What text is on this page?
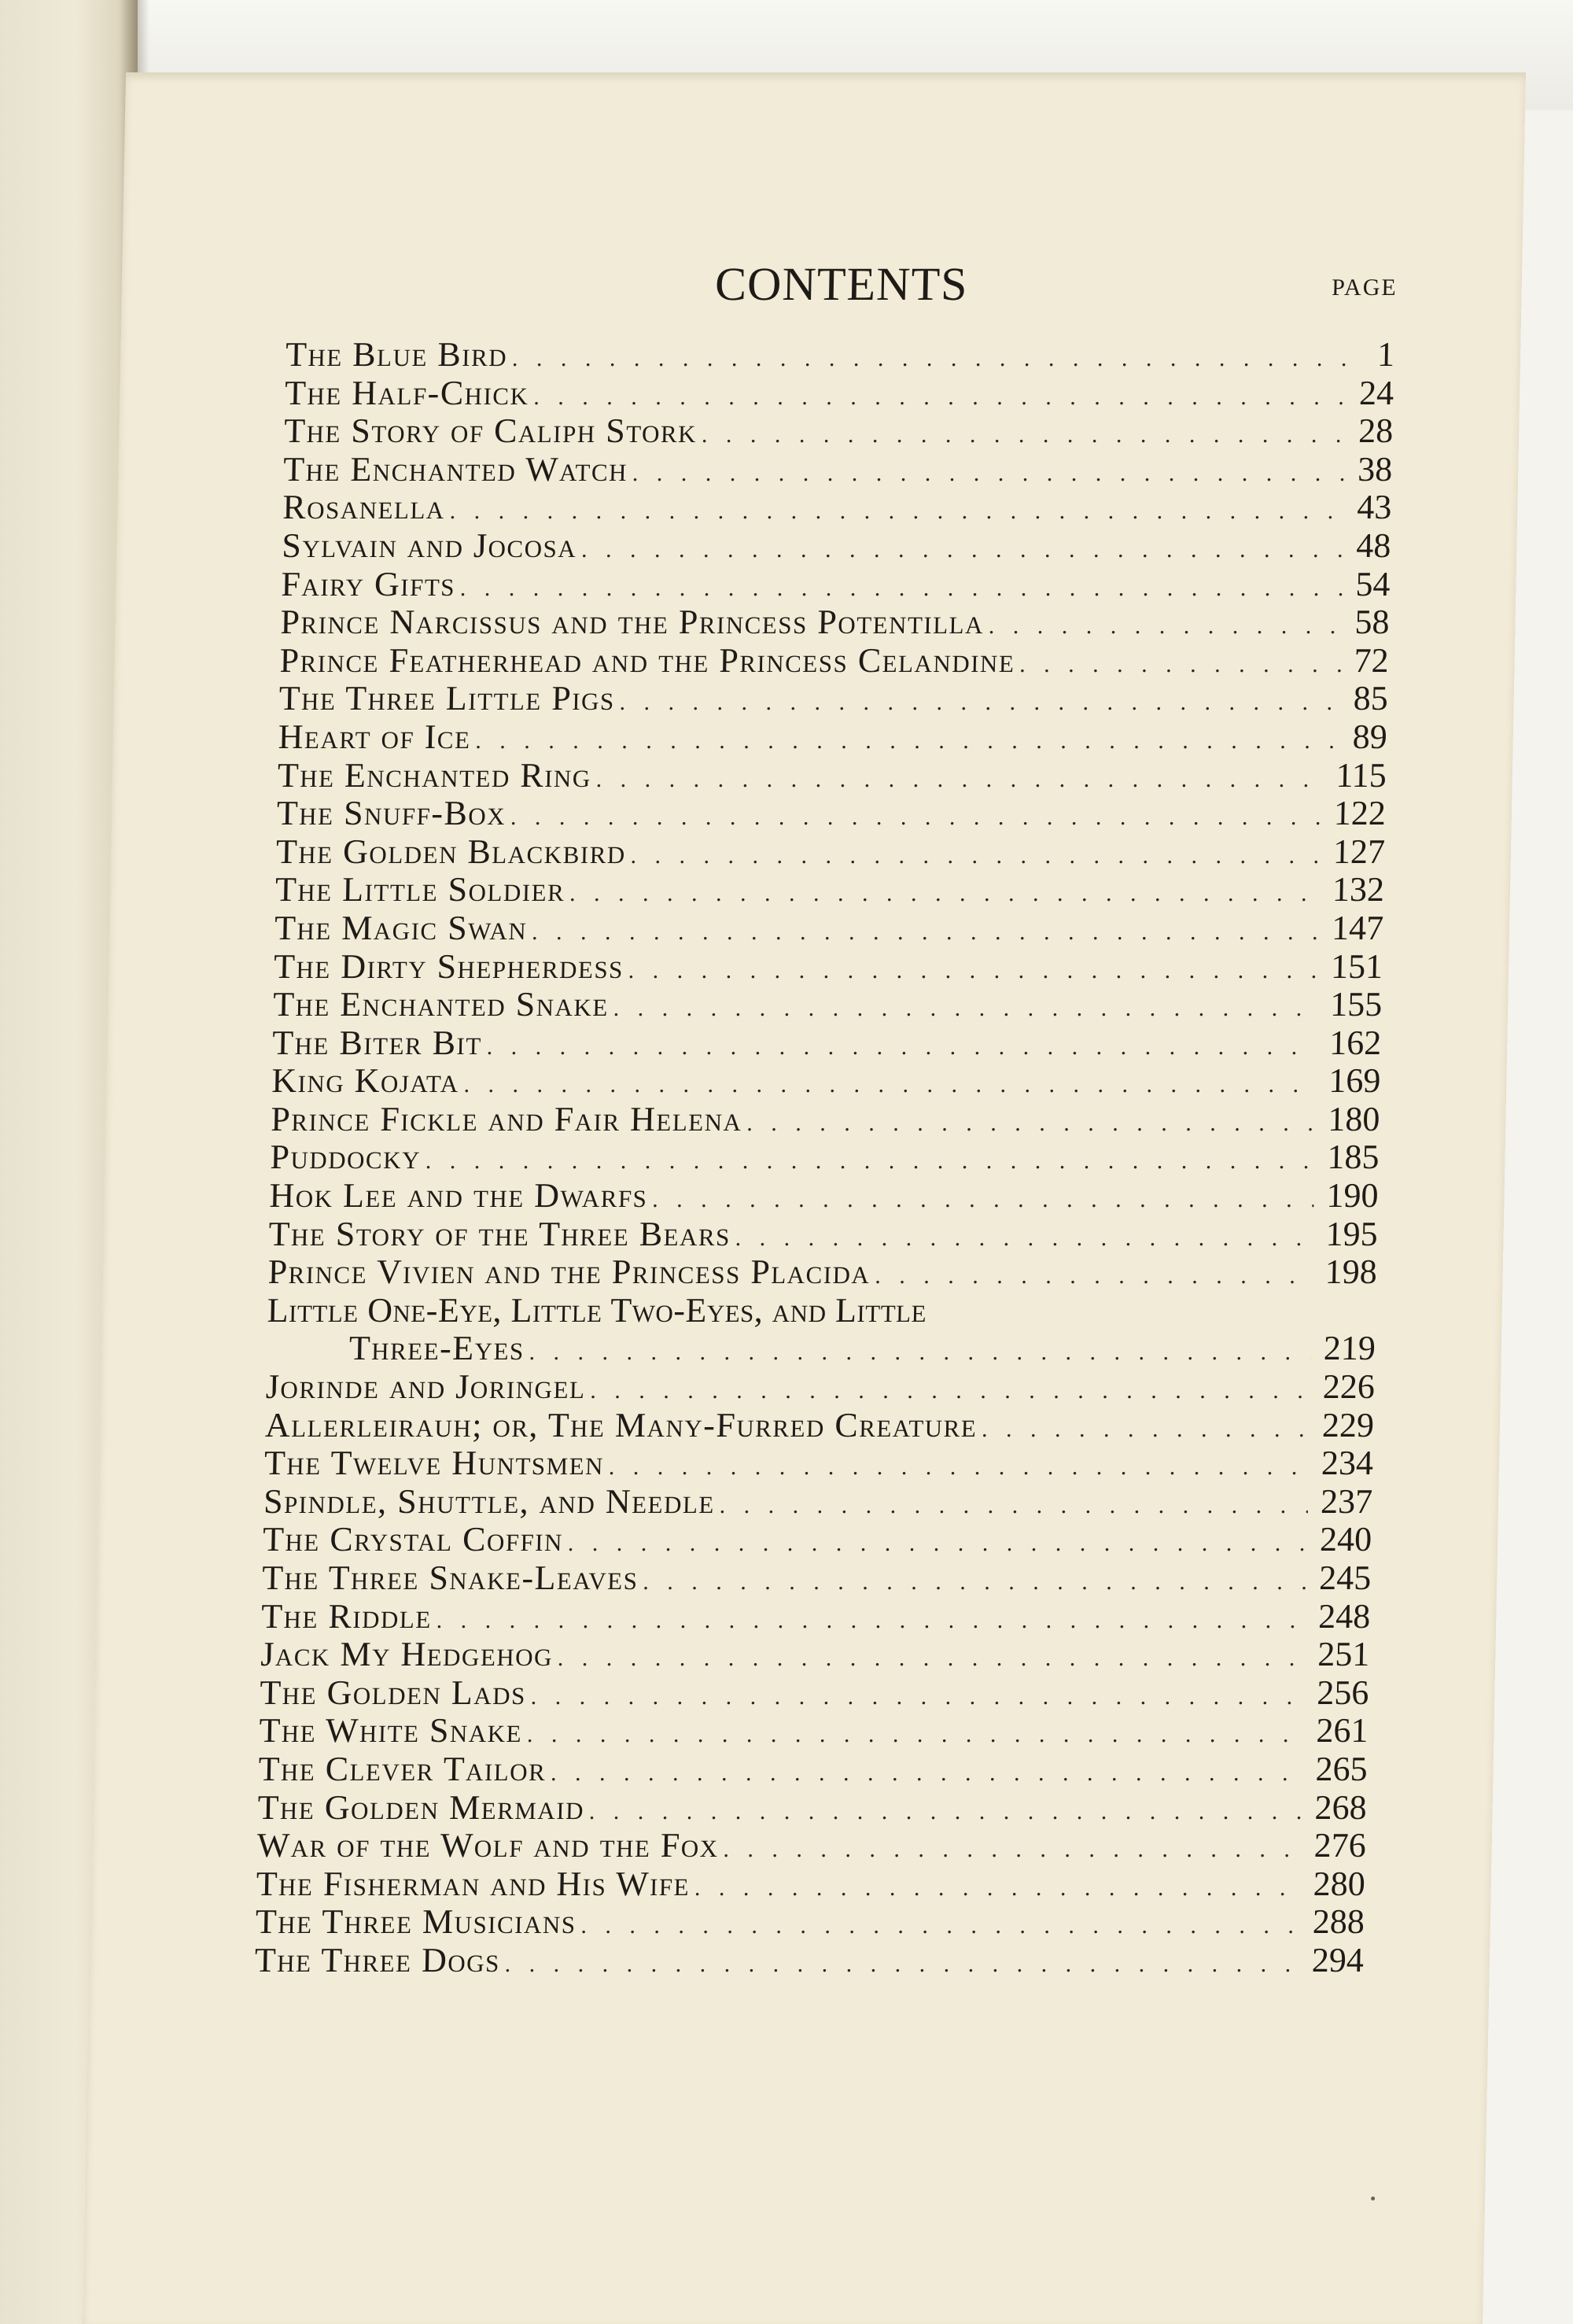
CONTENTS	PAGE
The Blue Bird . . .	1
The Half-Chick . . .	24
The Story of Caliph Stork . . .	28
The Enchanted Watch . . .	38
Rosanella . . .	43
Sylvain and Jocosa . . .	48
Fairy Gifts . . .	54
Prince Narcissus and the Princess Potentilla . . .	58
Prince Featherhead and the Princess Celandine . . .	72
The Three Little Pigs . . .	85
Heart of Ice . . .	89
The Enchanted Ring . . .	115
The Snuff-Box . . .	122
The Golden Blackbird . . .	127
The Little Soldier . . .	132
The Magic Swan . . .	147
The Dirty Shepherdess . . .	151
The Enchanted Snake . . .	155
The Biter Bit . . .	162
King Kojata . . .	169
Prince Fickle and Fair Helena . . .	180
Puddocky . . .	185
Hok Lee and the Dwarfs . . .	190
The Story of the Three Bears . . .	195
Prince Vivien and the Princess Placida . . .	198
Little One-Eye, Little Two-Eyes, and Little
Three-Eyes . . .	219
Jorinde and Joringel . . .	226
Allerleirauh; or, The Many-Furred Creature . . .	229
The Twelve Huntsmen . . .	234
Spindle, Shuttle, and Needle . . .	237
The Crystal Coffin . . .	240
The Three Snake-Leaves . . .	245
The Riddle . . .	248
Jack My Hedgehog . . .	251
The Golden Lads . . .	256
The White Snake . . .	261
The Clever Tailor . . .	265
The Golden Mermaid . . .	268
War of the Wolf and the Fox . . .	276
The Fisherman and His Wife . . .	280
The Three Musicians . . .	288
The Three Dogs . . .	294
